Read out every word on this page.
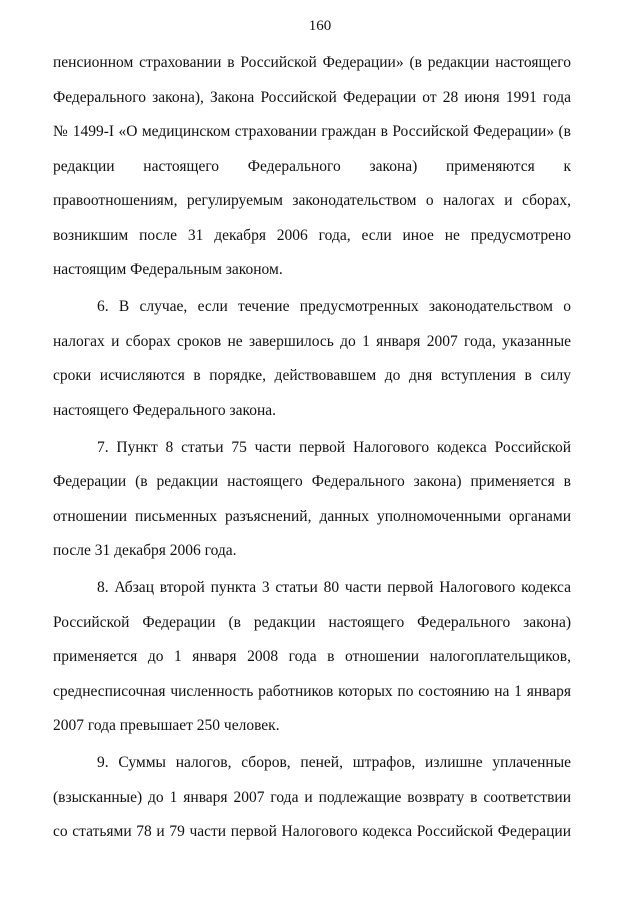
160
пенсионном страховании в Российской Федерации» (в редакции настоящего
Федерального закона), Закона Российской Федерации от 28 июня 1991 года
№ 1499-I «О медицинском страховании граждан в Российской Федерации» (в
редакции настоящего Федерального закона) применяются к
правоотношениям, регулируемым законодательством о налогах и сборах,
возникшим после 31 декабря 2006 года, если иное не предусмотрено
настоящим Федеральным законом.
6. В случае, если течение предусмотренных законодательством о
налогах и сборах сроков не завершилось до 1 января 2007 года, указанные
сроки исчисляются в порядке, действовавшем до дня вступления в силу
настоящего Федерального закона.
7. Пункт 8 статьи 75 части первой Налогового кодекса Российской
Федерации (в редакции настоящего Федерального закона) применяется в
отношении письменных разъяснений, данных уполномоченными органами
после 31 декабря 2006 года.
8. Абзац второй пункта 3 статьи 80 части первой Налогового кодекса
Российской Федерации (в редакции настоящего Федерального закона)
применяется до 1 января 2008 года в отношении налогоплательщиков,
среднесписочная численность работников которых по состоянию на 1 января
2007 года превышает 250 человек.
9. Суммы налогов, сборов, пеней, штрафов, излишне уплаченные
(взысканные) до 1 января 2007 года и подлежащие возврату в соответствии
со статьями 78 и 79 части первой Налогового кодекса Российской Федерации
